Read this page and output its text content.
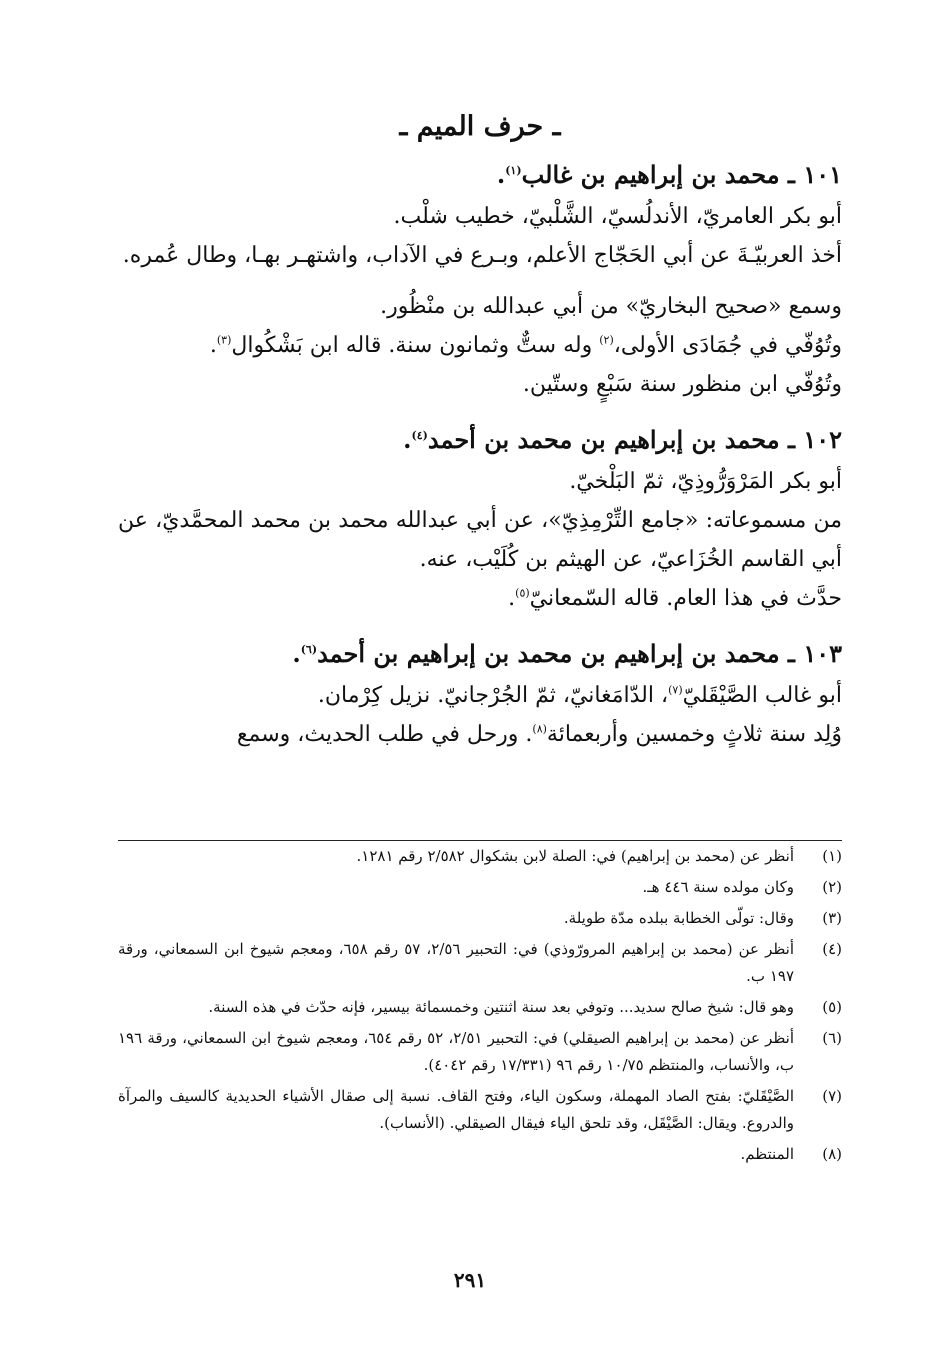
ـ حرف الميم ـ
١٠١ ـ محمد بن إبراهيم بن غالب$^{(١)}$.
أبو بكر العامريّ، الأندلُسيّ، الشَّلْبيّ، خطيب شلْب.
أخذ العربيّـةَ عن أبي الحَجّاج الأعلم، وبـرع في الآداب، واشتهـر بهـا، وطال عُمره.
وسمع «صحيح البخاريّ» من أبي عبدالله بن منْظُور.
وتُوُفّي في جُمَادَى الأولى،$^{(٢)}$ وله ستٌّ وثمانون سنة. قاله ابن بَشْكُوال$^{(٣)}$.
وتُوُفّي ابن منظور سنة سَبْعٍ وستّين.
١٠٢ ـ محمد بن إبراهيم بن محمد بن أحمد$^{(٤)}$.
أبو بكر المَرْوَرُّوذِيّ، ثمّ البَلْخيّ.
من مسموعاته: «جامع التِّرْمِذِيّ»، عن أبي عبدالله محمد بن محمد المحمَّديّ، عن أبي القاسم الخُزَاعيّ، عن الهيثم بن كُلَيْب، عنه.
حدَّث في هذا العام. قاله السّمعانيّ$^{(٥)}$.
١٠٣ ـ محمد بن إبراهيم بن محمد بن إبراهيم بن أحمد$^{(٦)}$.
أبو غالب الصَّيْقَليّ$^{(٧)}$، الدّامَغانيّ، ثمّ الجُرْجانيّ. نزيل كِرْمان.
وُلِد سنة ثلاثٍ وخمسين وأربعمائة$^{(٨)}$. ورحل في طلب الحديث، وسمع
(١)
أنظر عن (محمد بن إبراهيم) في: الصلة لابن بشكوال ٢/٥٨٢ رقم ١٢٨١.
(٢)
وكان مولده سنة ٤٤٦ هـ.
(٣)
وقال: تولّى الخطابة ببلده مدّة طويلة.
(٤)
أنظر عن (محمد بن إبراهيم المرورّوذي) في: التحبير ٢/٥٦، ٥٧ رقم ٦٥٨، ومعجم شيوخ ابن السمعاني، ورقة ١٩٧ ب.
(٥)
وهو قال: شيخ صالح سديد... وتوفي بعد سنة اثنتين وخمسمائة بيسير، فإنه حدّث في هذه السنة.
(٦)
أنظر عن (محمد بن إبراهيم الصيقلي) في: التحبير ٢/٥١، ٥٢ رقم ٦٥٤، ومعجم شيوخ ابن السمعاني، ورقة ١٩٦ ب، والأنساب، والمنتظم ١٠/٧٥ رقم ٩٦ (١٧/٣٣١ رقم ٤٠٤٢).
(٧)
الصَّيْقَليّ: بفتح الصاد المهملة، وسكون الياء، وفتح القاف. نسبة إلى صقال الأشياء الحديدية كالسيف والمرآة والدروع. ويقال: الصَّيْقَل، وقد تلحق الياء فيقال الصيقلي. (الأنساب).
(٨)
المنتظم.
٢٩١
